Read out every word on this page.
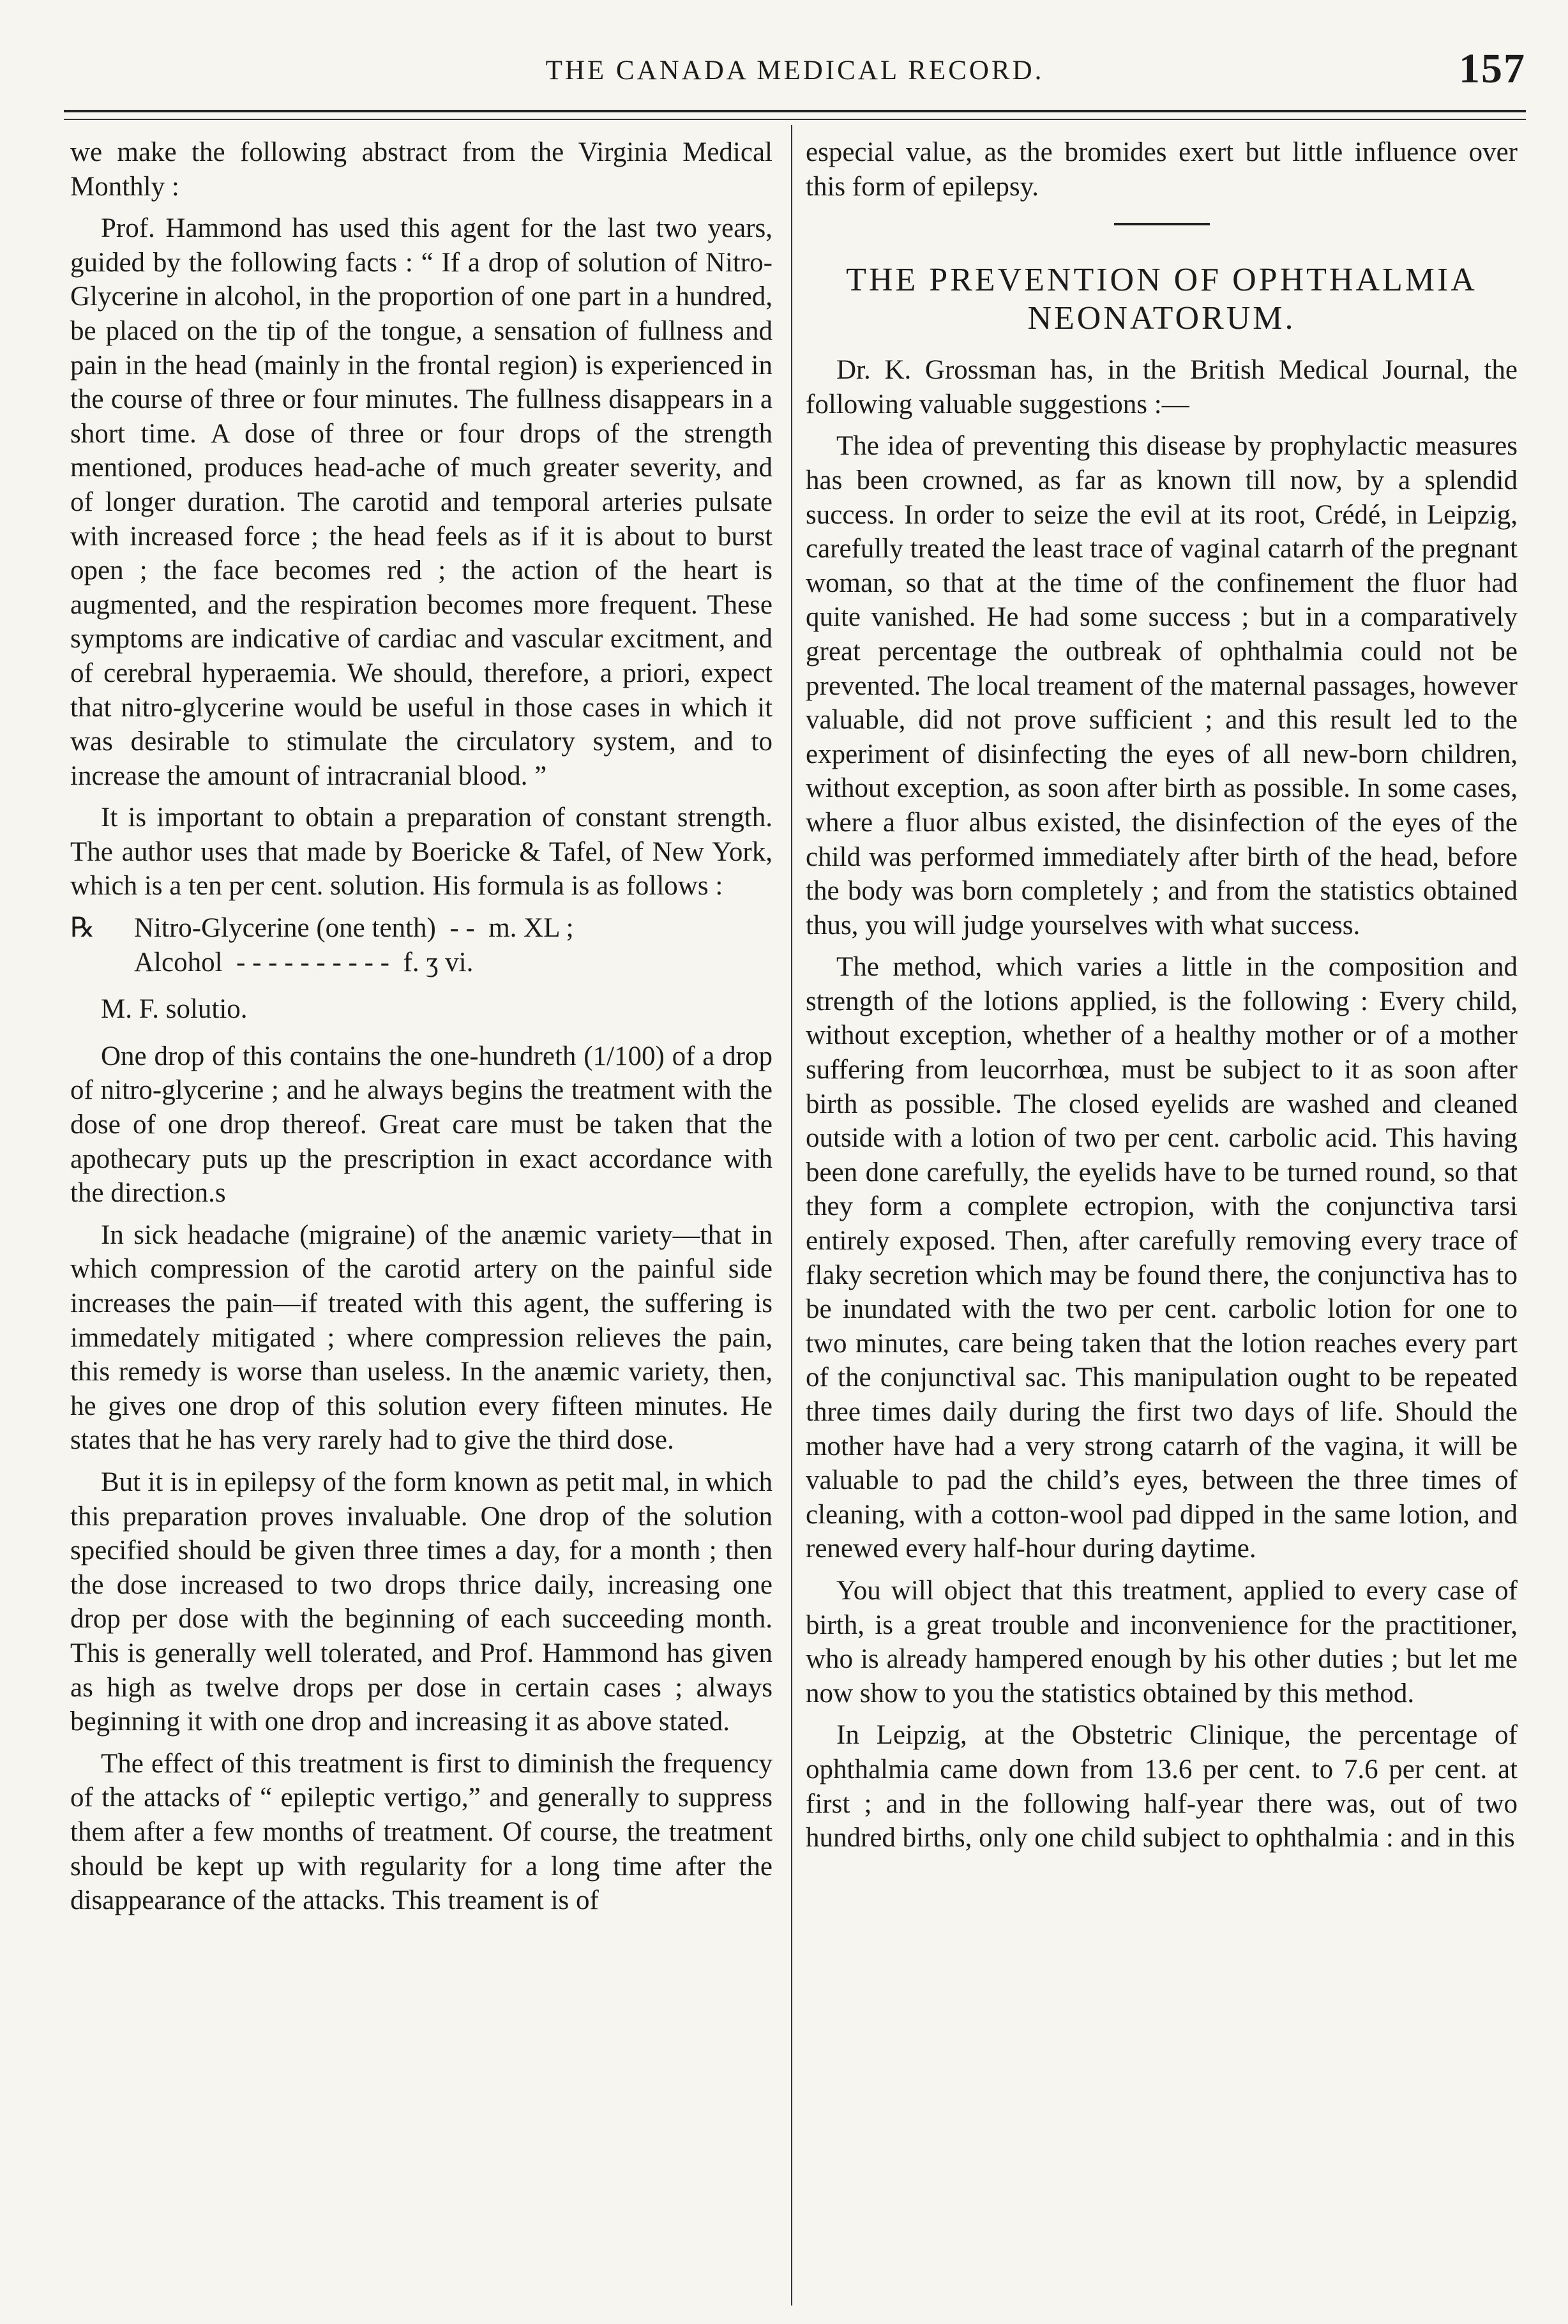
THE CANADA MEDICAL RECORD.	157

we make the following abstract from the Virginia Medical Monthly :

Prof. Hammond has used this agent for the last two years, guided by the following facts : “ If a drop of solution of Nitro-Glycerine in alcohol, in the proportion of one part in a hundred, be placed on the tip of the tongue, a sensation of fullness and pain in the head (mainly in the frontal region) is experienced in the course of three or four minutes. The fullness disappears in a short time. A dose of three or four drops of the strength mentioned, produces head-ache of much greater severity, and of longer duration. The carotid and temporal arteries pulsate with increased force ; the head feels as if it is about to burst open ; the face becomes red ; the action of the heart is augmented, and the respiration becomes more frequent. These symptoms are indicative of cardiac and vascular excitment, and of cerebral hyperaemia. We should, therefore, a priori, expect that nitro-glycerine would be useful in those cases in which it was desirable to stimulate the circulatory system, and to increase the amount of intracranial blood. ”

It is important to obtain a preparation of constant strength. The author uses that made by Boericke & Tafel, of New York, which is a ten per cent. solution. His formula is as follows :

℞ Nitro-Glycerine (one tenth) - - m. XL ;
Alcohol - - - - - - - - - - f. ʒ vi.
M. F. solutio.

One drop of this contains the one-hundreth (1/100) of a drop of nitro-glycerine ; and he always begins the treatment with the dose of one drop thereof. Great care must be taken that the apothecary puts up the prescription in exact accordance with the direction.s

In sick headache (migraine) of the anæmic variety—that in which compression of the carotid artery on the painful side increases the pain—if treated with this agent, the suffering is immedately mitigated ; where compression relieves the pain, this remedy is worse than useless. In the anæmic variety, then, he gives one drop of this solution every fifteen minutes. He states that he has very rarely had to give the third dose.

But it is in epilepsy of the form known as petit mal, in which this preparation proves invaluable. One drop of the solution specified should be given three times a day, for a month ; then the dose increased to two drops thrice daily, increasing one drop per dose with the beginning of each succeeding month. This is generally well tolerated, and Prof. Hammond has given as high as twelve drops per dose in certain cases ; always beginning it with one drop and increasing it as above stated.

The effect of this treatment is first to diminish the frequency of the attacks of “ epileptic vertigo,” and generally to suppress them after a few months of treatment. Of course, the treatment should be kept up with regularity for a long time after the disappearance of the attacks. This treament is of

especial value, as the bromides exert but little influence over this form of epilepsy.

THE PREVENTION OF OPHTHALMIA NEONATORUM.

Dr. K. Grossman has, in the British Medical Journal, the following valuable suggestions :—

The idea of preventing this disease by prophylactic measures has been crowned, as far as known till now, by a splendid success. In order to seize the evil at its root, Crédé, in Leipzig, carefully treated the least trace of vaginal catarrh of the pregnant woman, so that at the time of the confinement the fluor had quite vanished. He had some success ; but in a comparatively great percentage the outbreak of ophthalmia could not be prevented. The local treament of the maternal passages, however valuable, did not prove sufficient ; and this result led to the experiment of disinfecting the eyes of all new-born children, without exception, as soon after birth as possible. In some cases, where a fluor albus existed, the disinfection of the eyes of the child was performed immediately after birth of the head, before the body was born completely ; and from the statistics obtained thus, you will judge yourselves with what success.

The method, which varies a little in the composition and strength of the lotions applied, is the following : Every child, without exception, whether of a healthy mother or of a mother suffering from leucorrhœa, must be subject to it as soon after birth as possible. The closed eyelids are washed and cleaned outside with a lotion of two per cent. carbolic acid. This having been done carefully, the eyelids have to be turned round, so that they form a complete ectropion, with the conjunctiva tarsi entirely exposed. Then, after carefully removing every trace of flaky secretion which may be found there, the conjunctiva has to be inundated with the two per cent. carbolic lotion for one to two minutes, care being taken that the lotion reaches every part of the conjunctival sac. This manipulation ought to be repeated three times daily during the first two days of life. Should the mother have had a very strong catarrh of the vagina, it will be valuable to pad the child’s eyes, between the three times of cleaning, with a cotton-wool pad dipped in the same lotion, and renewed every half-hour during daytime.

You will object that this treatment, applied to every case of birth, is a great trouble and inconvenience for the practitioner, who is already hampered enough by his other duties ; but let me now show to you the statistics obtained by this method.

In Leipzig, at the Obstetric Clinique, the percentage of ophthalmia came down from 13.6 per cent. to 7.6 per cent. at first ; and in the following half-year there was, out of two hundred births, only one child subject to ophthalmia : and in this
